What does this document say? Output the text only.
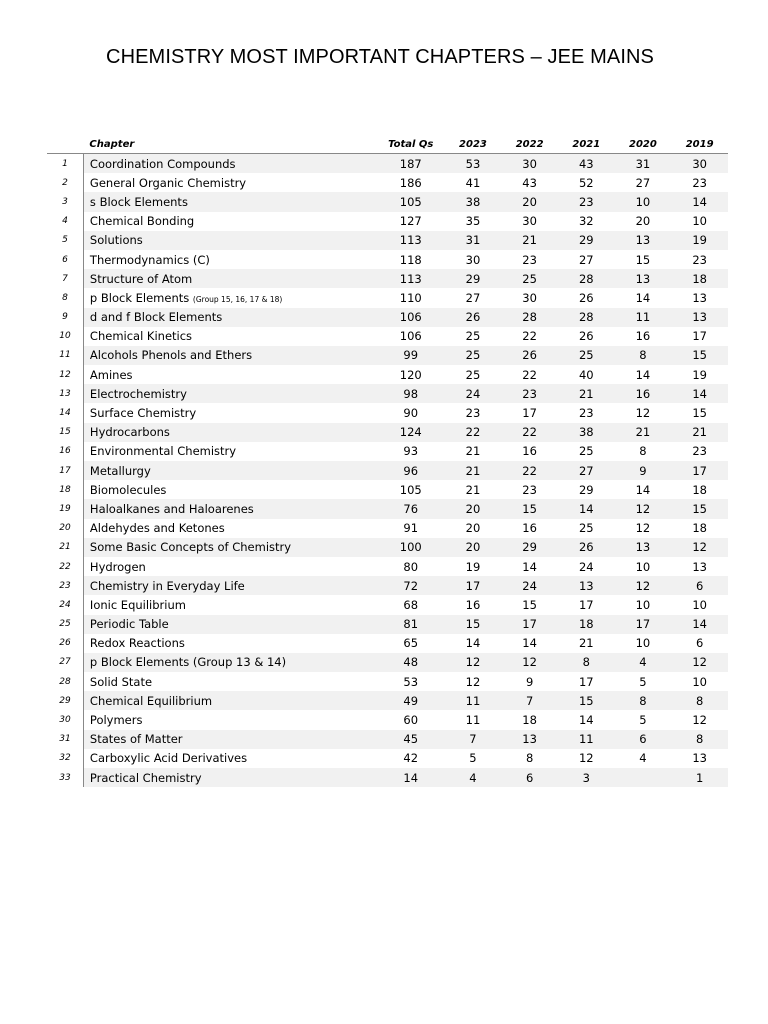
CHEMISTRY MOST IMPORTANT CHAPTERS – JEE MAINS
	Chapter	Total Qs	2023	2022	2021	2020	2019
1	Coordination Compounds	187	53	30	43	31	30
2	General Organic Chemistry	186	41	43	52	27	23
3	s Block Elements	105	38	20	23	10	14
4	Chemical Bonding	127	35	30	32	20	10
5	Solutions	113	31	21	29	13	19
6	Thermodynamics (C)	118	30	23	27	15	23
7	Structure of Atom	113	29	25	28	13	18
8	p Block Elements (Group 15, 16, 17 & 18)	110	27	30	26	14	13
9	d and f Block Elements	106	26	28	28	11	13
10	Chemical Kinetics	106	25	22	26	16	17
11	Alcohols Phenols and Ethers	99	25	26	25	8	15
12	Amines	120	25	22	40	14	19
13	Electrochemistry	98	24	23	21	16	14
14	Surface Chemistry	90	23	17	23	12	15
15	Hydrocarbons	124	22	22	38	21	21
16	Environmental Chemistry	93	21	16	25	8	23
17	Metallurgy	96	21	22	27	9	17
18	Biomolecules	105	21	23	29	14	18
19	Haloalkanes and Haloarenes	76	20	15	14	12	15
20	Aldehydes and Ketones	91	20	16	25	12	18
21	Some Basic Concepts of Chemistry	100	20	29	26	13	12
22	Hydrogen	80	19	14	24	10	13
23	Chemistry in Everyday Life	72	17	24	13	12	6
24	Ionic Equilibrium	68	16	15	17	10	10
25	Periodic Table	81	15	17	18	17	14
26	Redox Reactions	65	14	14	21	10	6
27	p Block Elements (Group 13 & 14)	48	12	12	8	4	12
28	Solid State	53	12	9	17	5	10
29	Chemical Equilibrium	49	11	7	15	8	8
30	Polymers	60	11	18	14	5	12
31	States of Matter	45	7	13	11	6	8
32	Carboxylic Acid Derivatives	42	5	8	12	4	13
33	Practical Chemistry	14	4	6	3		1
